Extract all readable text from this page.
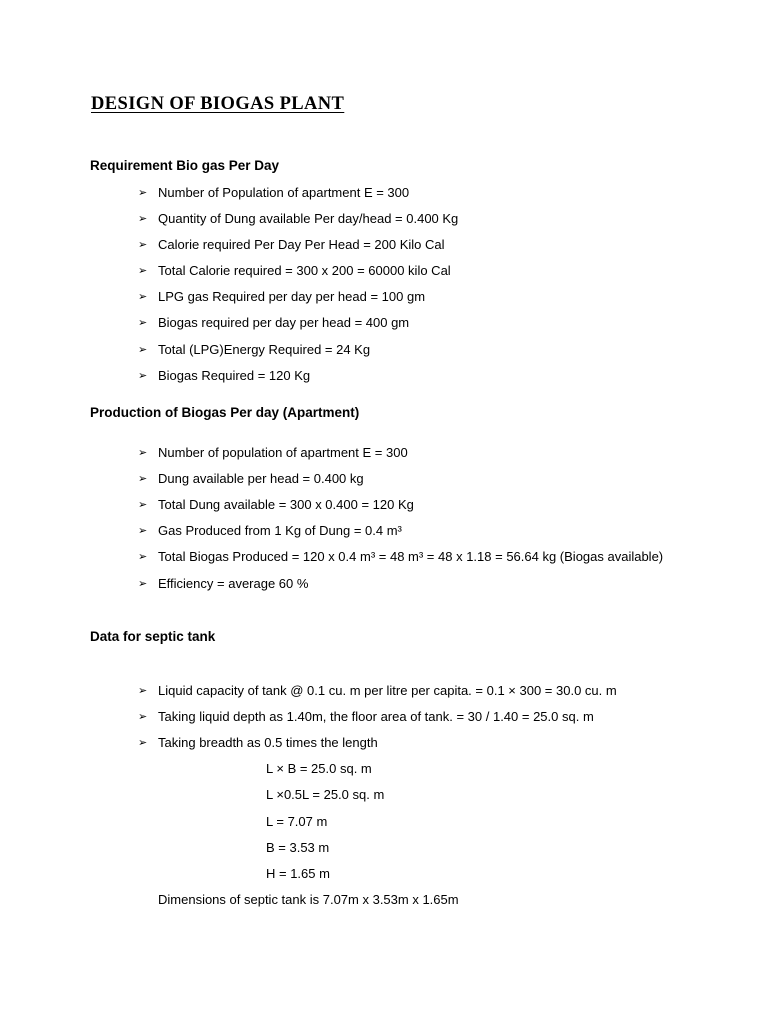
DESIGN OF BIOGAS PLANT
Requirement Bio gas Per Day
➢ Number of Population of apartment E = 300
➢ Quantity of Dung available Per day/head = 0.400 Kg
➢ Calorie required Per Day Per Head = 200 Kilo Cal
➢ Total Calorie required = 300 x 200 = 60000 kilo Cal
➢ LPG gas Required per day per head = 100 gm
➢ Biogas required per day per head = 400 gm
➢ Total (LPG)Energy Required = 24 Kg
➢ Biogas Required = 120 Kg
Production of Biogas Per day (Apartment)
➢ Number of population of apartment E = 300
➢ Dung available per head = 0.400 kg
➢ Total Dung available = 300 x 0.400 = 120 Kg
➢ Gas Produced from 1 Kg of Dung = 0.4 m³
➢ Total Biogas Produced = 120 x 0.4 m³ = 48 m³ = 48 x 1.18 = 56.64 kg (Biogas available)
➢ Efficiency = average 60 %
Data for septic tank
➢ Liquid capacity of tank @ 0.1 cu. m per litre per capita. = 0.1 × 300 = 30.0 cu. m
➢ Taking liquid depth as 1.40m, the floor area of tank. = 30 / 1.40 = 25.0 sq. m
➢ Taking breadth as 0.5 times the length

L × B = 25.0 sq. m

L ×0.5L = 25.0 sq. m

L = 7.07 m

B = 3.53 m

H = 1.65 m

Dimensions of septic tank is 7.07m x 3.53m x 1.65m
